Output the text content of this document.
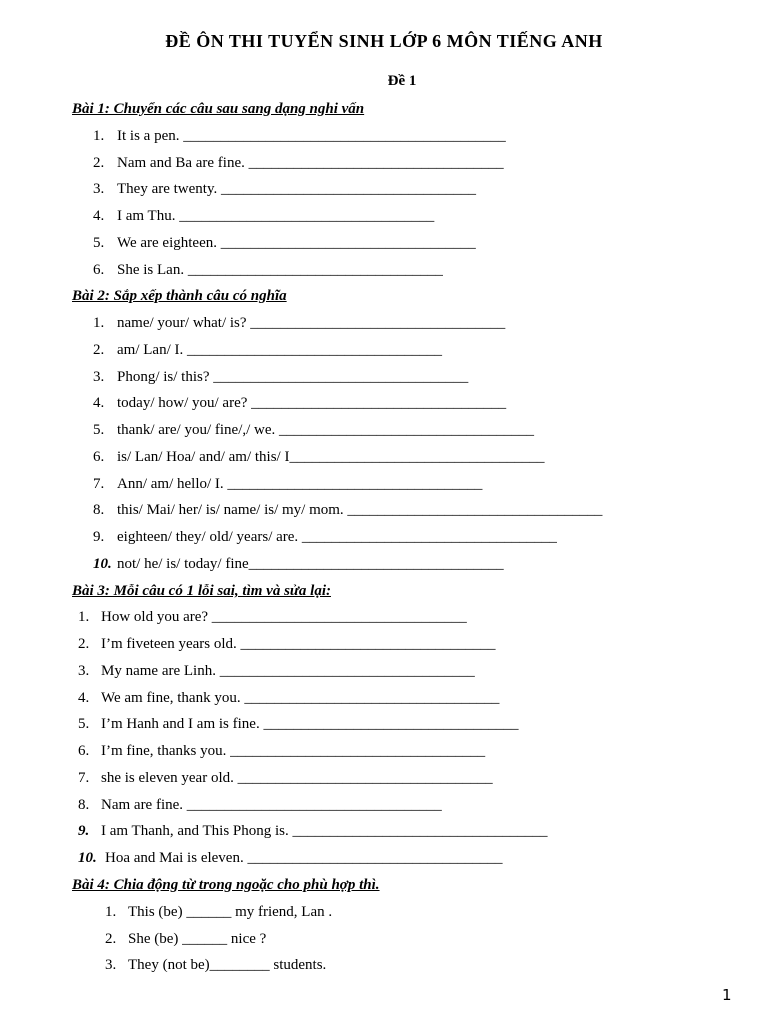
ĐỀ ÔN THI TUYỂN SINH LỚP 6 MÔN TIẾNG ANH
Đề 1
Bài 1: Chuyển các câu sau sang dạng nghi vấn
1. It is a pen. ___________________________________________
2. Nam and Ba are fine. __________________________________
3. They are twenty. __________________________________
4. I am Thu. __________________________________
5. We are eighteen. __________________________________
6. She is Lan. __________________________________
Bài 2: Sắp xếp thành câu có nghĩa
1. name/ your/ what/ is? __________________________________
2. am/ Lan/ I. __________________________________
3. Phong/ is/ this? __________________________________
4. today/ how/ you/ are? __________________________________
5. thank/ are/ you/ fine/,/ we. __________________________________
6. is/ Lan/ Hoa/ and/ am/ this/ I__________________________________
7. Ann/ am/ hello/ I. __________________________________
8. this/ Mai/ her/ is/ name/ is/ my/ mom. __________________________________
9. eighteen/ they/ old/ years/ are. __________________________________
10. not/ he/ is/ today/ fine__________________________________
Bài 3: Mỗi câu có 1 lỗi sai, tìm và sửa lại:
1. How old you are? __________________________________
2. I’m fiveteen years old. __________________________________
3. My name are Linh. __________________________________
4. We am fine, thank you. __________________________________
5. I’m Hanh and I am is fine. __________________________________
6. I’m fine, thanks you. __________________________________
7. she is eleven year old. __________________________________
8. Nam are fine. __________________________________
9. I am Thanh, and This Phong is. __________________________________
10. Hoa and Mai is eleven. __________________________________
Bài 4: Chia động từ trong ngoặc cho phù hợp thì.
1. This (be) ______ my friend, Lan .
2. She (be) ______ nice ?
3. They (not be)________ students.
1
